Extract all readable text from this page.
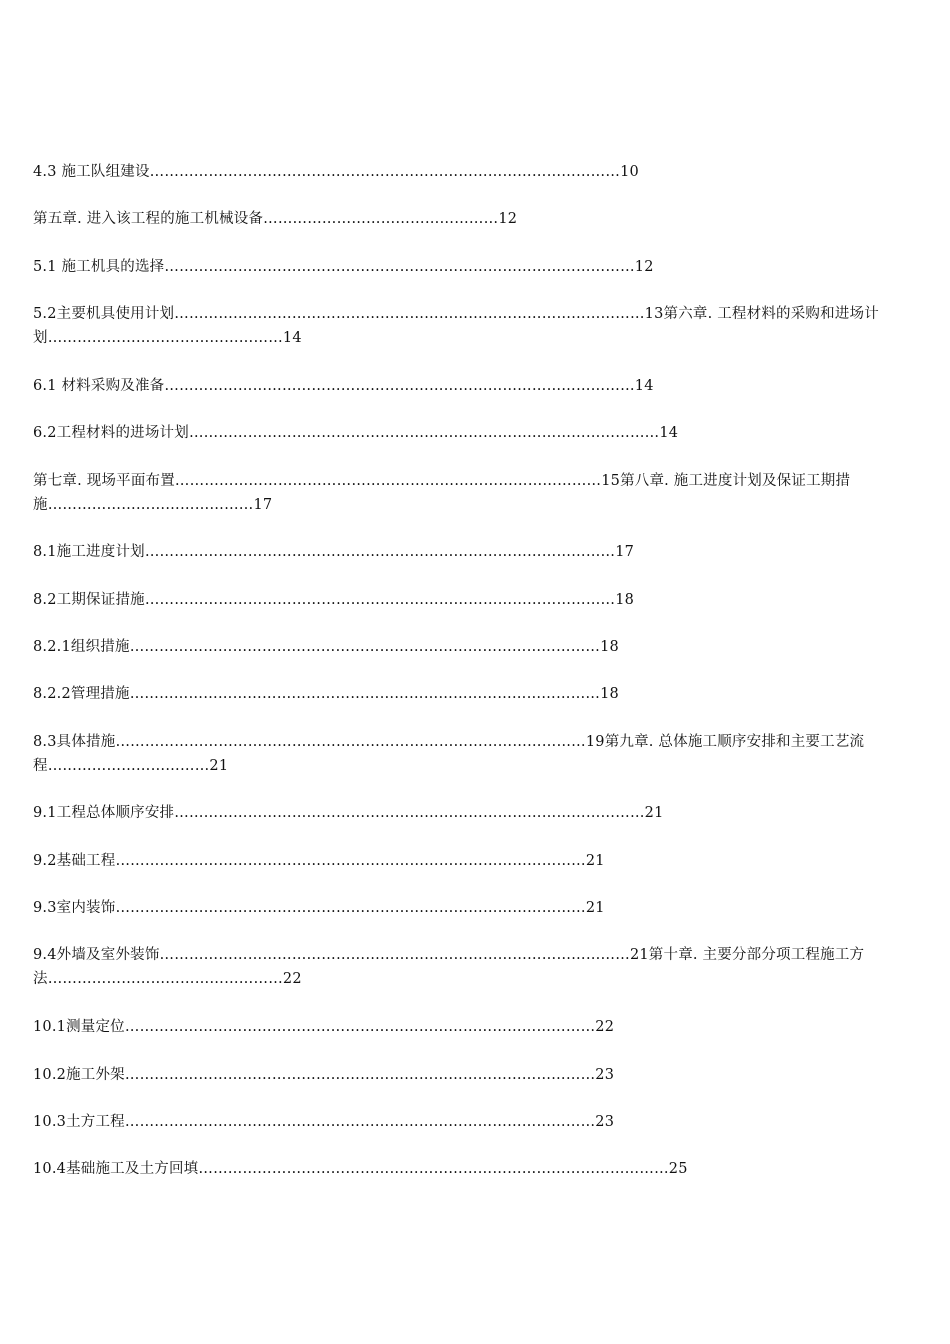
4.3 施工队组建设……………………………………………………………………………………10
第五章. 进入该工程的施工机械设备…………………………………………12
5.1 施工机具的选择……………………………………………………………………………………12
5.2主要机具使用计划……………………………………………………………………………………13第六章. 工程材料的采购和进场计划…………………………………………14
6.1 材料采购及准备……………………………………………………………………………………14
6.2工程材料的进场计划……………………………………………………………………………………14
第七章. 现场平面布置……………………………………………………………………………15第八章. 施工进度计划及保证工期措施……………………………………17
8.1施工进度计划……………………………………………………………………………………17
8.2工期保证措施……………………………………………………………………………………18
8.2.1组织措施……………………………………………………………………………………18
8.2.2管理措施……………………………………………………………………………………18
8.3具体措施……………………………………………………………………………………19第九章. 总体施工顺序安排和主要工艺流程……………………………21
9.1工程总体顺序安排……………………………………………………………………………………21
9.2基础工程……………………………………………………………………………………21
9.3室内装饰……………………………………………………………………………………21
9.4外墙及室外装饰……………………………………………………………………………………21第十章. 主要分部分项工程施工方法…………………………………………22
10.1测量定位……………………………………………………………………………………22
10.2施工外架……………………………………………………………………………………23
10.3土方工程……………………………………………………………………………………23
10.4基础施工及土方回填……………………………………………………………………………………25
